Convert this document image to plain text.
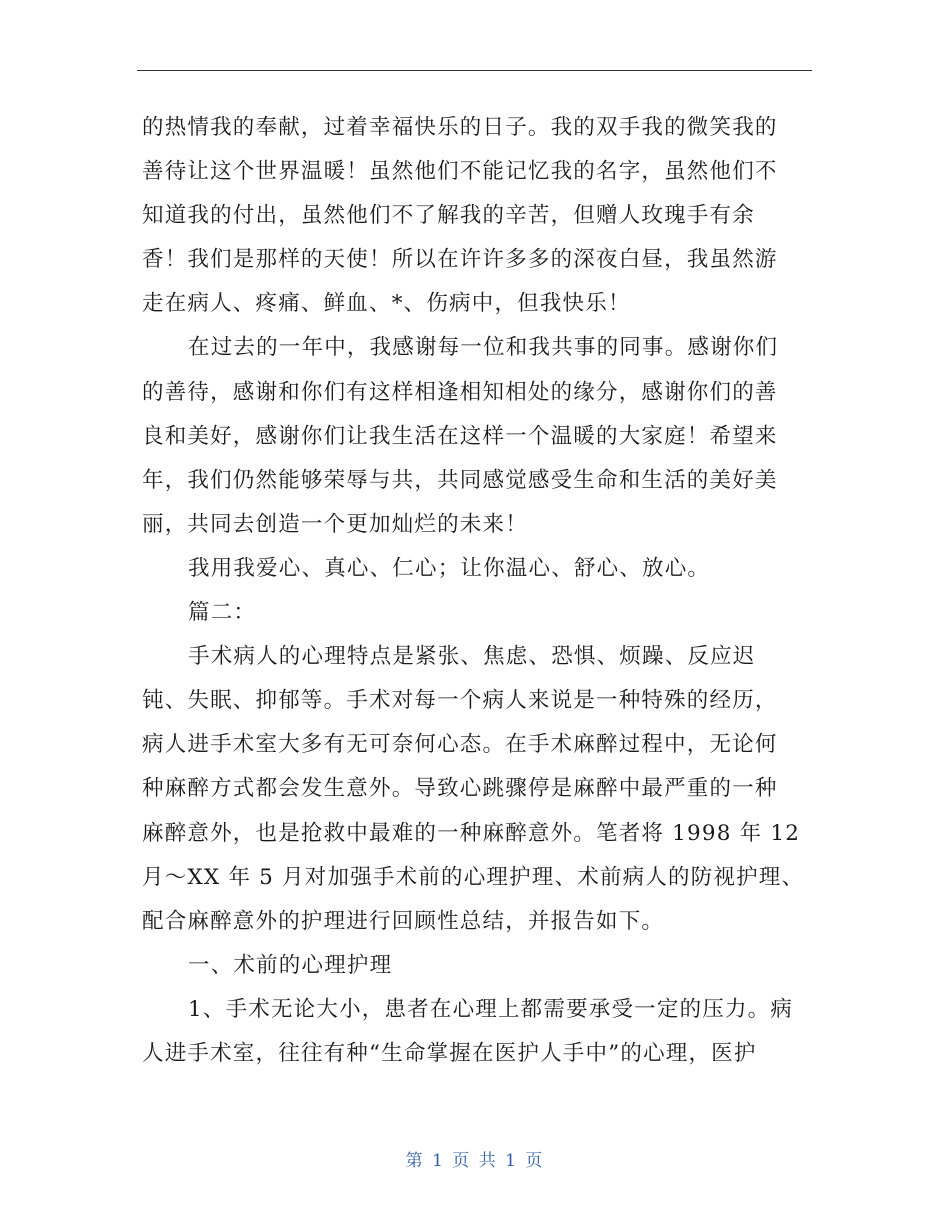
的热情我的奉献，过着幸福快乐的日子。我的双手我的微笑我的
善待让这个世界温暖！虽然他们不能记忆我的名字，虽然他们不
知道我的付出，虽然他们不了解我的辛苦，但赠人玫瑰手有余
香！我们是那样的天使！所以在许许多多的深夜白昼，我虽然游
走在病人、疼痛、鲜血、*、伤病中，但我快乐！
在过去的一年中，我感谢每一位和我共事的同事。感谢你们
的善待，感谢和你们有这样相逢相知相处的缘分，感谢你们的善
良和美好，感谢你们让我生活在这样一个温暖的大家庭！希望来
年，我们仍然能够荣辱与共，共同感觉感受生命和生活的美好美
丽，共同去创造一个更加灿烂的未来！
我用我爱心、真心、仁心；让你温心、舒心、放心。
篇二：
手术病人的心理特点是紧张、焦虑、恐惧、烦躁、反应迟
钝、失眠、抑郁等。手术对每一个病人来说是一种特殊的经历，
病人进手术室大多有无可奈何心态。在手术麻醉过程中，无论何
种麻醉方式都会发生意外。导致心跳骤停是麻醉中最严重的一种
麻醉意外，也是抢救中最难的一种麻醉意外。笔者将 1998 年 12
月～XX 年 5 月对加强手术前的心理护理、术前病人的防视护理、
配合麻醉意外的护理进行回顾性总结，并报告如下。
一、术前的心理护理
1、手术无论大小，患者在心理上都需要承受一定的压力。病
人进手术室，往往有种“生命掌握在医护人手中”的心理，医护
第 1 页 共 1 页
